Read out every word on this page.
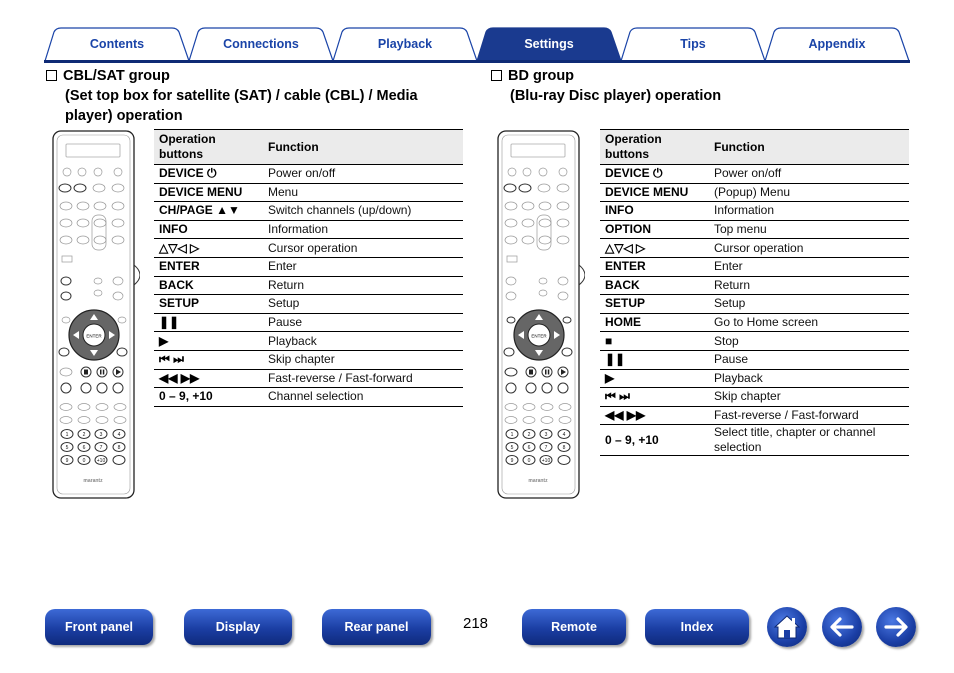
Contents	Connections	Playback	Settings	Tips	Appendix
CBL/SAT group
(Set top box for satellite (SAT) / cable (CBL) / Media
player) operation
ENTER
1	2	3	4
5	6	7	8
9	0 +10
marantz
Operation buttons	Function
DEVICE ⏻	Power on/off
DEVICE MENU	Menu
CH/PAGE ▲▼	Switch channels (up/down)
INFO	Information
△▽◁ ▷	Cursor operation
ENTER	Enter
BACK	Return
SETUP	Setup
❚❚	Pause
▶	Playback
⏮ ⏭	Skip chapter
◀◀ ▶▶	Fast-reverse / Fast-forward
0 – 9, +10	Channel selection
BD group
(Blu-ray Disc player) operation
ENTER
1	2	3	4
5	6	7	8
9	0 +10
marantz
Operation buttons	Function
DEVICE ⏻	Power on/off
DEVICE MENU	(Popup) Menu
INFO	Information
OPTION	Top menu
△▽◁ ▷	Cursor operation
ENTER	Enter
BACK	Return
SETUP	Setup
HOME	Go to Home screen
■	Stop
❚❚	Pause
▶	Playback
⏮ ⏭	Skip chapter
◀◀ ▶▶	Fast-reverse / Fast-forward
0 – 9, +10	Select title, chapter or channel selection
Front panel	Display	Rear panel	218	Remote	Index
